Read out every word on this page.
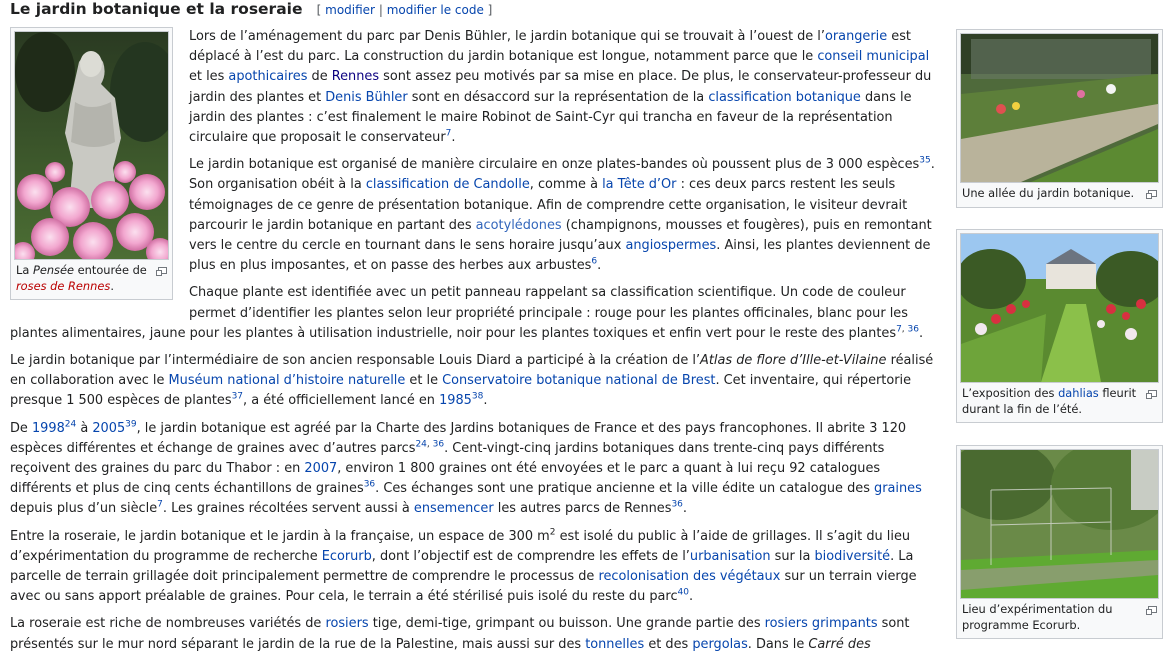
Le jardin botanique et la roseraie [ modifier | modifier le code ]
La Pensée entourée de roses de Rennes.

Lors de l’aménagement du parc par Denis Bühler, le jardin botanique qui se trouvait à l’ouest de l’orangerie est déplacé à l’est du parc. La construction du jardin botanique est longue, notamment parce que le conseil municipal et les apothicaires de Rennes sont assez peu motivés par sa mise en place. De plus, le conservateur-professeur du jardin des plantes et Denis Bühler sont en désaccord sur la représentation de la classification botanique dans le jardin des plantes : c’est finalement le maire Robinot de Saint-Cyr qui trancha en faveur de la représentation circulaire que proposait le conservateur$^7$.

Le jardin botanique est organisé de manière circulaire en onze plates-bandes où poussent plus de 3 000 espèces$^{35}$. Son organisation obéit à la classification de Candolle, comme à la Tête d’Or : ces deux parcs restent les seuls témoignages de ce genre de présentation botanique. Afin de comprendre cette organisation, le visiteur devrait parcourir le jardin botanique en partant des acotylédones (champignons, mousses et fougères), puis en remontant vers le centre du cercle en tournant dans le sens horaire jusqu’aux angiospermes. Ainsi, les plantes deviennent de plus en plus imposantes, et on passe des herbes aux arbustes$^6$.

Chaque plante est identifiée avec un petit panneau rappelant sa classification scientifique. Un code de couleur permet d’identifier les plantes selon leur propriété principale : rouge pour les plantes officinales, blanc pour les plantes alimentaires, jaune pour les plantes à utilisation industrielle, noir pour les plantes toxiques et enfin vert pour le reste des plantes$^{7, 36}$.

Le jardin botanique par l’intermédiaire de son ancien responsable Louis Diard a participé à la création de l’Atlas de flore d’Ille-et-Vilaine réalisé en collaboration avec le Muséum national d’histoire naturelle et le Conservatoire botanique national de Brest. Cet inventaire, qui répertorie presque 1 500 espèces de plantes$^{37}$, a été officiellement lancé en 1985$^{38}$.

De 1998$^{24}$ à 2005$^{39}$, le jardin botanique est agréé par la Charte des Jardins botaniques de France et des pays francophones. Il abrite 3 120 espèces différentes et échange de graines avec d’autres parcs$^{24, 36}$. Cent-vingt-cinq jardins botaniques dans trente-cinq pays différents reçoivent des graines du parc du Thabor : en 2007, environ 1 800 graines ont été envoyées et le parc a quant à lui reçu 92 catalogues différents et plus de cinq cents échantillons de graines$^{36}$. Ces échanges sont une pratique ancienne et la ville édite un catalogue des graines depuis plus d’un siècle$^7$. Les graines récoltées servent aussi à ensemencer les autres parcs de Rennes$^{36}$.

Entre la roseraie, le jardin botanique et le jardin à la française, un espace de 300 $m^2$ est isolé du public à l’aide de grillages. Il s’agit du lieu d’expérimentation du programme de recherche Ecorurb, dont l’objectif est de comprendre les effets de l’urbanisation sur la biodiversité. La parcelle de terrain grillagée doit principalement permettre de comprendre le processus de recolonisation des végétaux sur un terrain vierge avec ou sans apport préalable de graines. Pour cela, le terrain a été stérilisé puis isolé du reste du parc$^{40}$.

La roseraie est riche de nombreuses variétés de rosiers tige, demi-tige, grimpant ou buisson. Une grande partie des rosiers grimpants sont présentés sur le mur nord séparant le jardin de la rue de la Palestine, mais aussi sur des tonnelles et des pergolas. Dans le Carré des

Une allée du jardin botanique.
L’exposition des dahlias fleurit durant la fin de l’été.
Lieu d’expérimentation du programme Ecorurb.
